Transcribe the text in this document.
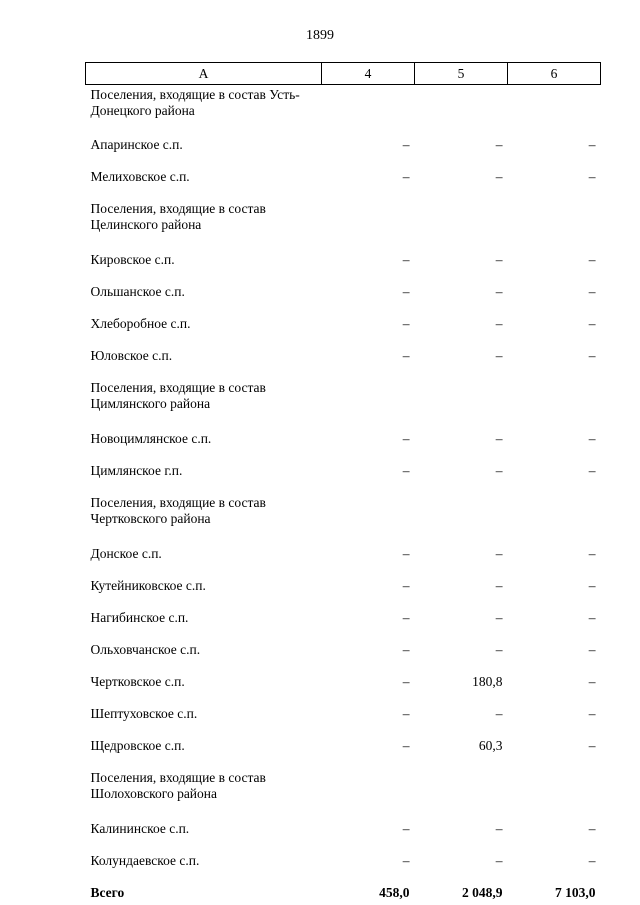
1899
А	4	5	6
Поселения, входящие в состав Усть-Донецкого района			
Апаринское с.п.	–	–	–
Мелиховское с.п.	–	–	–
Поселения, входящие в состав Целинского района			
Кировское с.п.	–	–	–
Ольшанское с.п.	–	–	–
Хлеборобное с.п.	–	–	–
Юловское с.п.	–	–	–
Поселения, входящие в состав Цимлянского района			
Новоцимлянское с.п.	–	–	–
Цимлянское г.п.	–	–	–
Поселения, входящие в состав Чертковского района			
Донское с.п.	–	–	–
Кутейниковское с.п.	–	–	–
Нагибинское с.п.	–	–	–
Ольховчанское с.п.	–	–	–
Чертковское с.п.	–	180,8	–
Шептуховское с.п.	–	–	–
Щедровское с.п.	–	60,3	–
Поселения, входящие в состав Шолоховского района			
Калининское с.п.	–	–	–
Колундаевское с.п.	–	–	–
Всего	458,0	2 048,9	7 103,0
